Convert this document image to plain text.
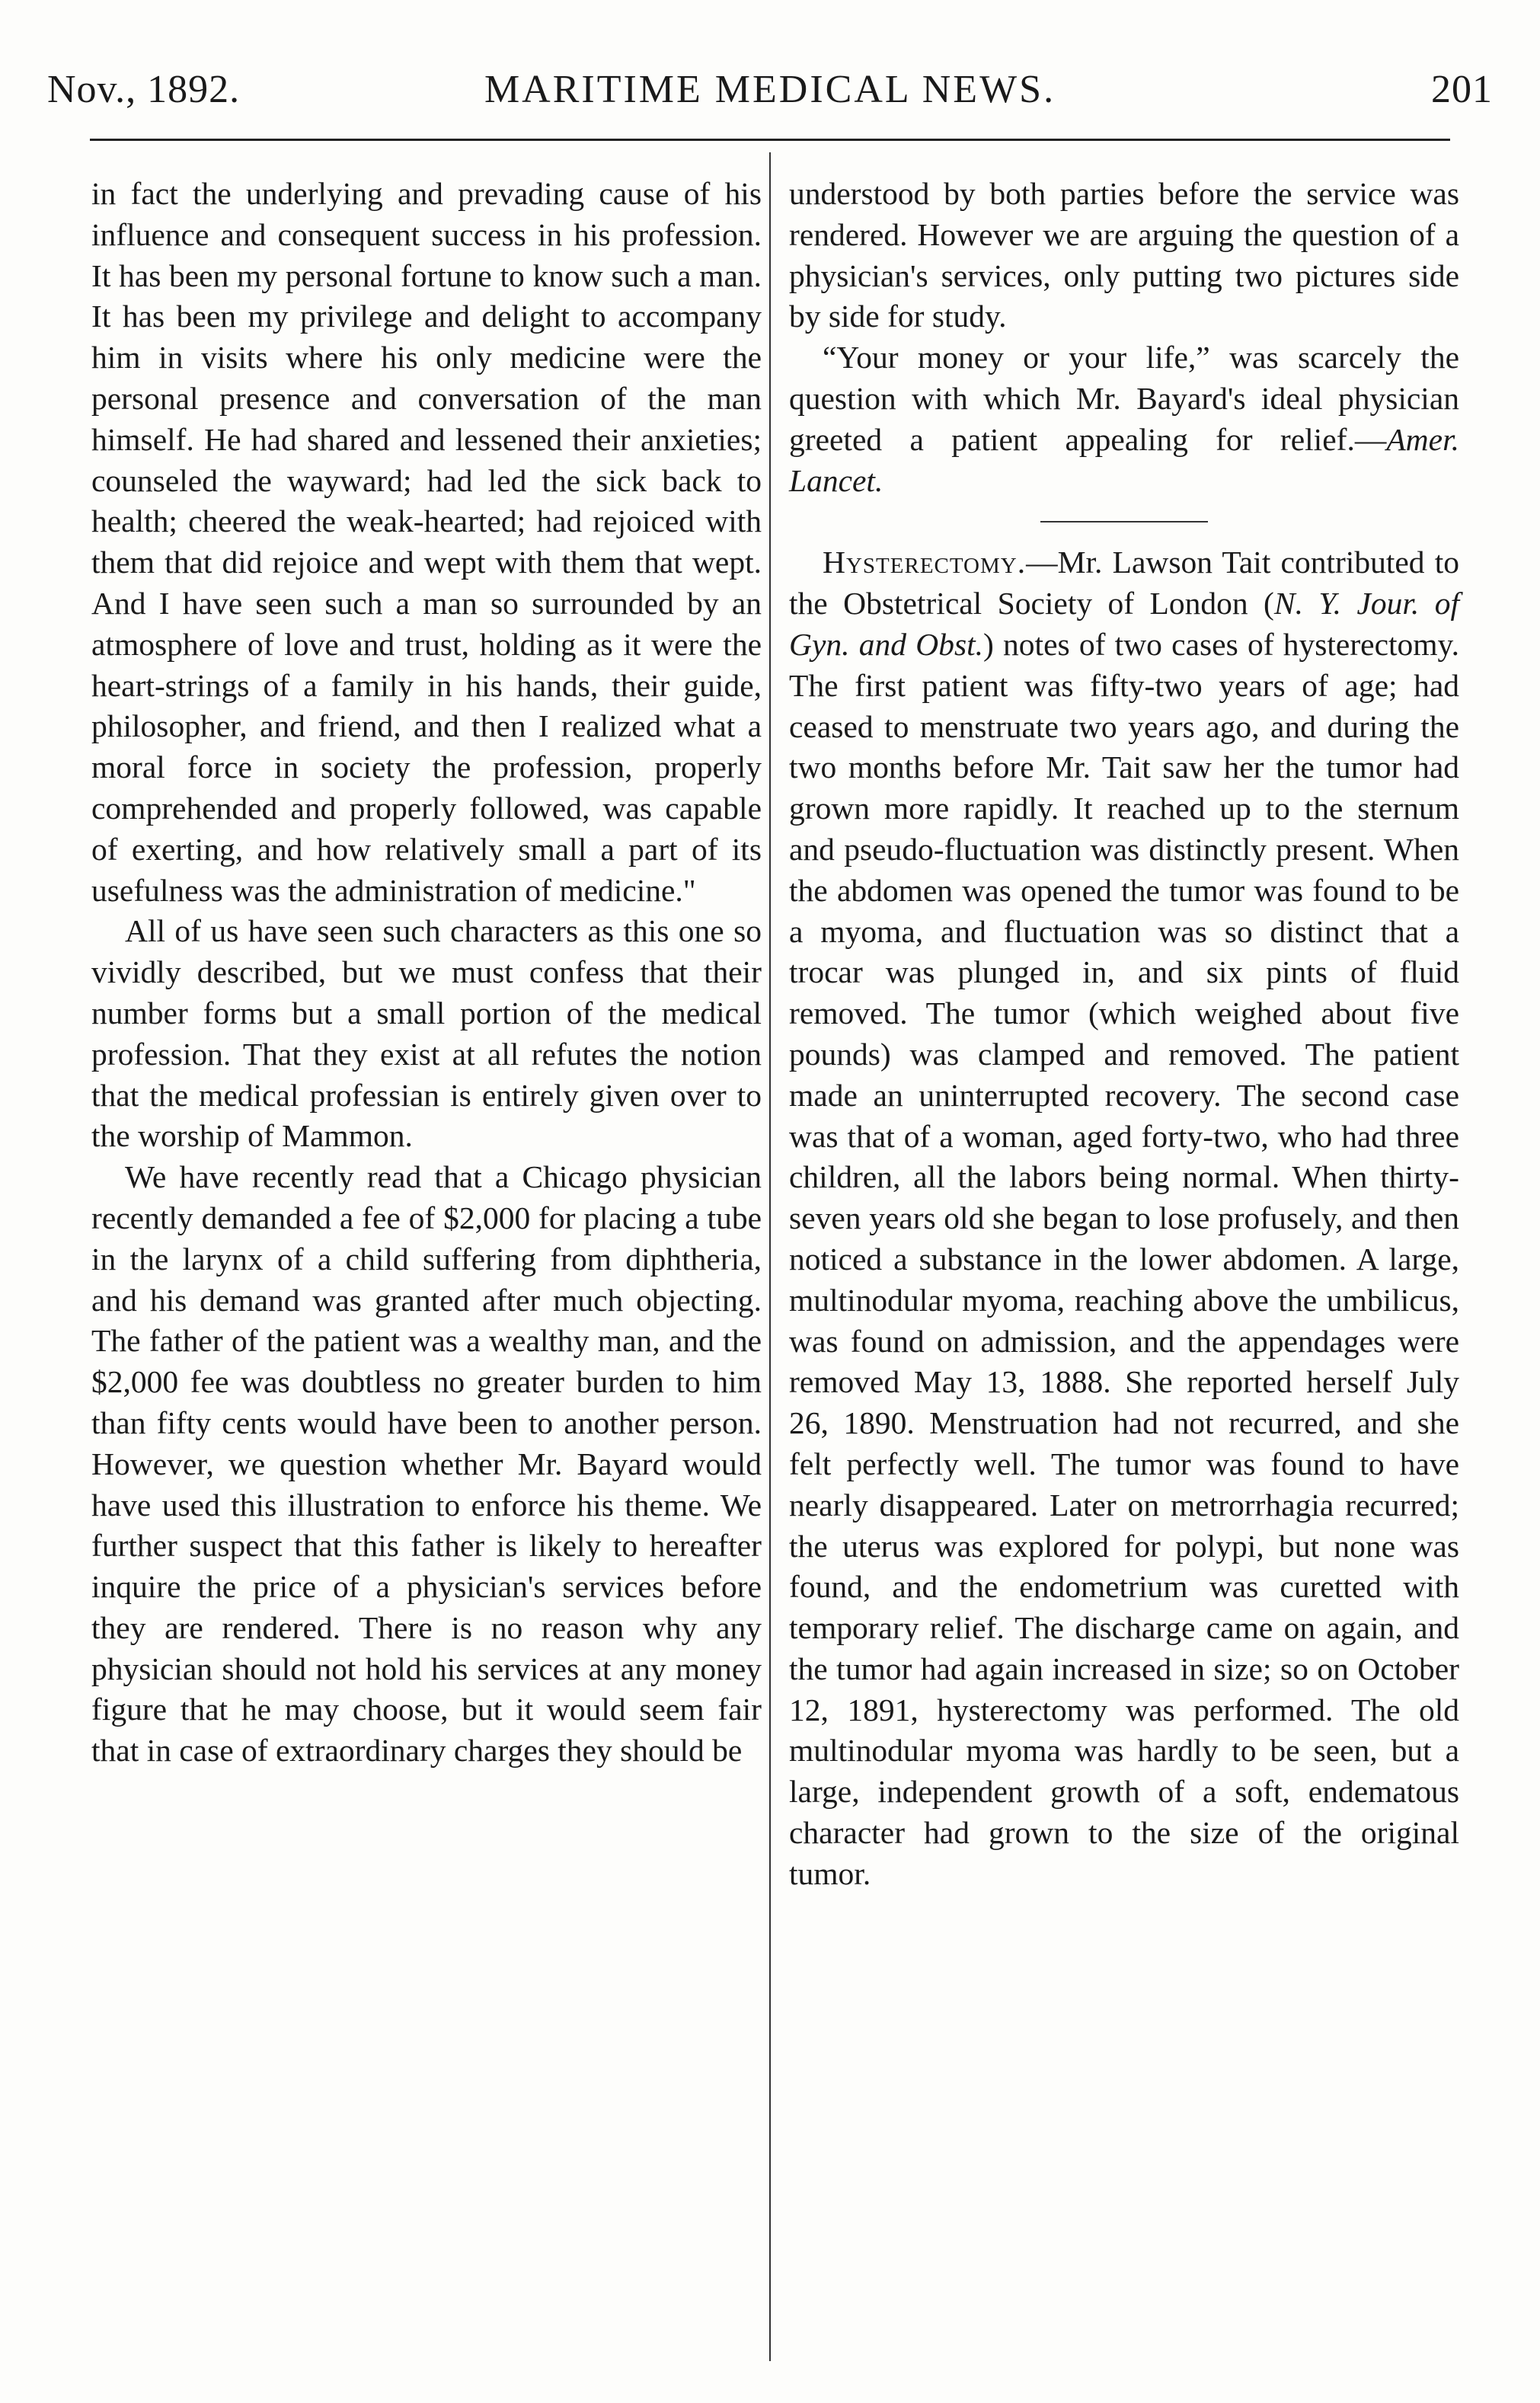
Nov., 1892.	MARITIME MEDICAL NEWS.	201

in fact the underlying and prevading cause of his influence and consequent success in his profession. It has been my personal fortune to know such a man. It has been my privilege and delight to accompany him in visits where his only medicine were the personal presence and conversation of the man himself. He had shared and lessened their anxieties; counseled the wayward; had led the sick back to health; cheered the weak-hearted; had rejoiced with them that did rejoice and wept with them that wept. And I have seen such a man so surrounded by an atmosphere of love and trust, holding as it were the heart-strings of a family in his hands, their guide, philosopher, and friend, and then I realized what a moral force in society the profession, properly comprehended and properly followed, was capable of exerting, and how relatively small a part of its usefulness was the administration of medicine."

All of us have seen such characters as this one so vividly described, but we must confess that their number forms but a small portion of the medical profession. That they exist at all refutes the notion that the medical professian is entirely given over to the worship of Mammon.

We have recently read that a Chicago physician recently demanded a fee of $2,000 for placing a tube in the larynx of a child suffering from diphtheria, and his demand was granted after much objecting. The father of the patient was a wealthy man, and the $2,000 fee was doubtless no greater burden to him than fifty cents would have been to another person. However, we question whether Mr. Bayard would have used this illustration to enforce his theme. We further suspect that this father is likely to hereafter inquire the price of a physician's services before they are rendered. There is no reason why any physician should not hold his services at any money figure that he may choose, but it would seem fair that in case of extraordinary charges they should be

understood by both parties before the service was rendered. However we are arguing the question of a physician's services, only putting two pictures side by side for study.

“Your money or your life,” was scarcely the question with which Mr. Bayard's ideal physician greeted a patient appealing for relief.—Amer. Lancet.

Hysterectomy.—Mr. Lawson Tait contributed to the Obstetrical Society of London (N. Y. Jour. of Gyn. and Obst.) notes of two cases of hysterectomy. The first patient was fifty-two years of age; had ceased to menstruate two years ago, and during the two months before Mr. Tait saw her the tumor had grown more rapidly. It reached up to the sternum and pseudo-fluctuation was distinctly present. When the abdomen was opened the tumor was found to be a myoma, and fluctuation was so distinct that a trocar was plunged in, and six pints of fluid removed. The tumor (which weighed about five pounds) was clamped and removed. The patient made an uninterrupted recovery. The second case was that of a woman, aged forty-two, who had three children, all the labors being normal. When thirty-seven years old she began to lose profusely, and then noticed a substance in the lower abdomen. A large, multinodular myoma, reaching above the umbilicus, was found on admission, and the appendages were removed May 13, 1888. She reported herself July 26, 1890. Menstruation had not recurred, and she felt perfectly well. The tumor was found to have nearly disappeared. Later on metrorrhagia recurred; the uterus was explored for polypi, but none was found, and the endometrium was curetted with temporary relief. The discharge came on again, and the tumor had again increased in size; so on October 12, 1891, hysterectomy was performed. The old multinodular myoma was hardly to be seen, but a large, independent growth of a soft, endematous character had grown to the size of the original tumor.
